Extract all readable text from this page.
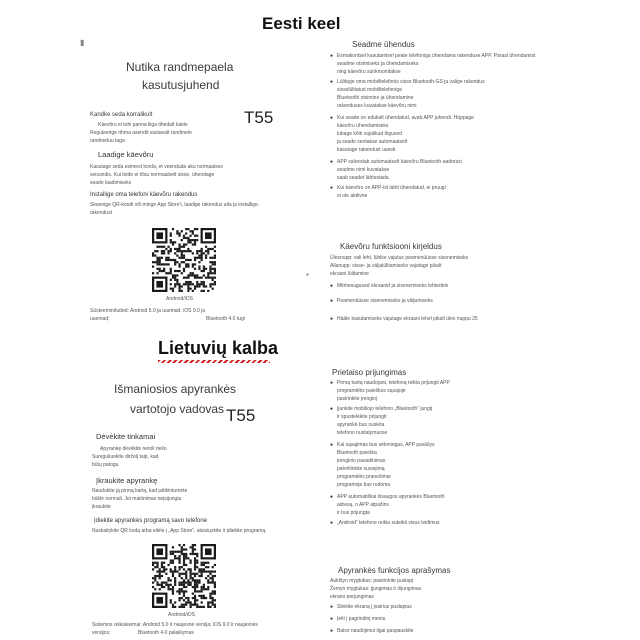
Eesti keel
▮
Nutika randmepaela
kasutusjuhend
T55
Kandke seda korralikult
Käevõru ei tohi panna liiga tihedalt käele
Reguleerige rihma asendit vastavalt randmele
randmeluu taga
Laadige käevõru
Kasutage seda esimest korda, et veenduda aku normaalses
seisundis. Kui toide ei tõsu normaalselt sisse, ühendage
seade laadimiseks
Installige oma telefoni käevõru rakendus
Skannige QR-koodi või minge App Store'i, laadige rakendus alla ja installige.
rakendust
Android/iOS
Süsteeminõuded: Android 5.0 ja uuemad; iOS 9.0 ja
uuemad;	Bluetooth 4.0 tugi
Seadme ühendus
● Esmakordsel kasutamisel peate telefoniga ühendama rakenduse APP. Pärast ühendamist
seadme otsimiseks ja ühendamiseks
ning käevõru sünkroonitakse
● Lülitage oma mobiiltelefonis sisse Bluetooth-GS ja valige rakendus
sisselülitatud mobiiltelefoniga
Bluetoothi otsimine ja ühendamine
rakenduses kuvatakse käevõru nimi
● Kui seade on edukalt ühendatud, avab APP juhendi. Hüppage
käevõru ühendamiseks
lubage kõik vajalikud õigused
ja seade seotakse automaatselt
kasutage rakendust uuesti
● APP salvestab automaatselt käevõru Bluetooth-aadressi
seadme nimi kuvatakse
saab seadet lähtestada
● Kui käevõru on APP-ist lahti ühendatud, ei pruugi
ei ole aktiivne
Käevõru funktsiooni kirjeldus
Ülesnupp: vali leht, lühike vajutus peamenüüsse sisenemiseks
Allanupp: sisse- ja väljalülitamiseks vajutage pikalt
ekraani lülitamine
● Mitmesugused ekraanid ja sisenemiseks lehtedele
● Peamenüüsse sisenemiseks ja väljumiseks
● Hääle kasutamiseks vajutage ekraani lehel pikalt üles nuppu 25
▪
Lietuvių kalba
Išmaniosios apyrankės
vartotojo vadovas T55
Dėvėkite tinkamai
Apyrankę dėvėkite netoli riešo
Sureguliuokite dirželį taip, kad
būtų patogu
Įkraukite apyrankę
Naudokite ją pirmą kartą, kad įsitikintumėte
būklė normali. Jei maitinimas neįsijungia
įkraukite
Įdiekite apyrankės programą savo telefone
Nuskaitykite QR kodą arba eikite į „App Store“, atsisiųskite ir įdiekite programą.
Android/iOS
Sistemos reikalavimai: Android 5.0 ir naujesnė versija; iOS 9.0 ir naujesnės
versijos;	Bluetooth 4.0 palaikymas
Prietaiso prijungimas
● Pirmą kartą naudojant, telefoną reikia prijungti APP
programėlės paieškos sąsajoje
pasirinkite įrenginį
● Įjunkite mobiliojo telefono „Bluetooth“ jungtį
ir spustelėkite prijungti
apyrankė bus susieta
telefono nustatymuose
● Kai sąsajimas bus sėkmingas, APP pasiūlys
Bluetooth paieška
įrenginio pavadinimas
patvirtinkite susiejimą
programėlės pranešimai
programoje bus rodoma
● APP automatiškai išsaugos apyrankės Bluetooth
adresą, o APP atpažins
ir bus prijungta
● „Android“ telefone reikia suteikti visus leidimus
Apyrankės funkcijos aprašymas
Aukštyn mygtukas: pasirinkite puslapį
Žemyn mygtukas: įjungimas ir išjungimas
ekrano perjungimas
● Slinkite ekraną į įvairius puslapius
● Įeiti į pagrindinį meniu
● Balso naudojimui ilgai paspauskite
